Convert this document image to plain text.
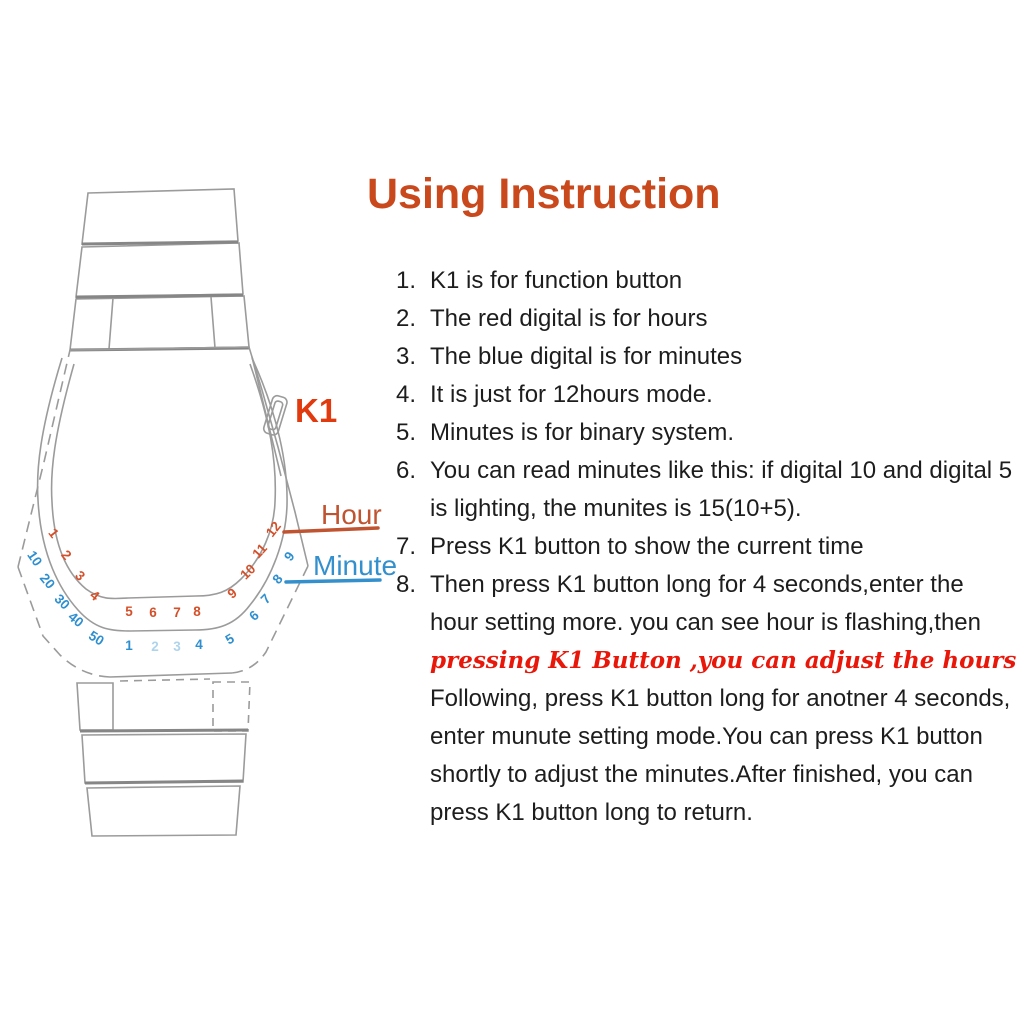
1
2
3
4
5 6 7 8
9
10
11
12
10
20
30
40
50 1 2 3 4 5
6
7
8
9
K1
Hour
Minute
Using Instruction
1. K1 is for function button
2. The red digital is for hours
3. The blue digital is for minutes
4. It is just for 12hours mode.
5. Minutes is for binary system.
6. You can read minutes like this: if digital 10 and digital 5 is lighting, the munites is 15(10+5).
7. Press K1 button to show the current time
8. Then press K1 button long for 4 seconds,enter the hour setting more. you can see hour is flashing,then
pressing K1 Button ,you can adjust the hours
Following, press K1 button long for anotner 4 seconds, enter munute setting mode.You can press K1 button shortly to adjust the minutes.After finished, you can press K1 button long to return.
